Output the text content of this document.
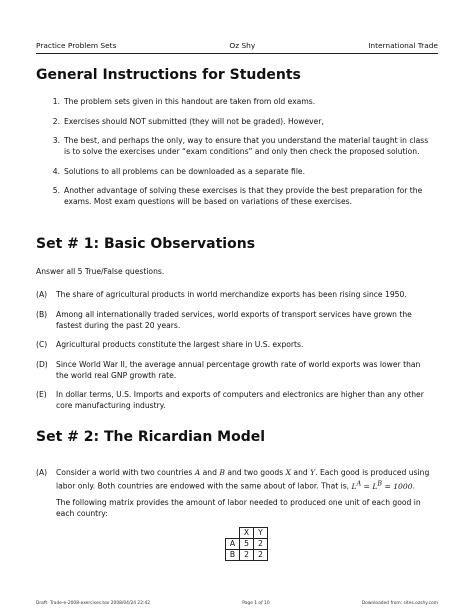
Practice Problem Sets	Oz Shy	International Trade
General Instructions for Students
1. The problem sets given in this handout are taken from old exams.
2. Exercises should NOT submitted (they will not be graded). However,
3. The best, and perhaps the only, way to ensure that you understand the material taught in class is to solve the exercises under “exam conditions” and only then check the proposed solution.
4. Solutions to all problems can be downloaded as a separate file.
5. Another advantage of solving these exercises is that they provide the best preparation for the exams. Most exam questions will be based on variations of these exercises.
Set # 1: Basic Observations
Answer all 5 True/False questions.
(A) The share of agricultural products in world merchandize exports has been rising since 1950.
(B) Among all internationally traded services, world exports of transport services have grown the fastest during the past 20 years.
(C) Agricultural products constitute the largest share in U.S. exports.
(D) Since World War II, the average annual percentage growth rate of world exports was lower than the world real GNP growth rate.
(E) In dollar terms, U.S. Imports and exports of computers and electronics are higher than any other core manufacturing industry.
Set # 2: The Ricardian Model
(A) Consider a world with two countries A and B and two goods X and Y. Each good is produced using labor only. Both countries are endowed with the same about of labor. That is, $L^A = L^B = 1000$.

The following matrix provides the amount of labor needed to produced one unit of each good in each country:

	X	Y
A	5	2
B	2	2
Draft: Trade-e-2008-exercises.tex 2008/04/24 22:42	Page 1 of 10	Downloaded from: sites.ozshy.com
